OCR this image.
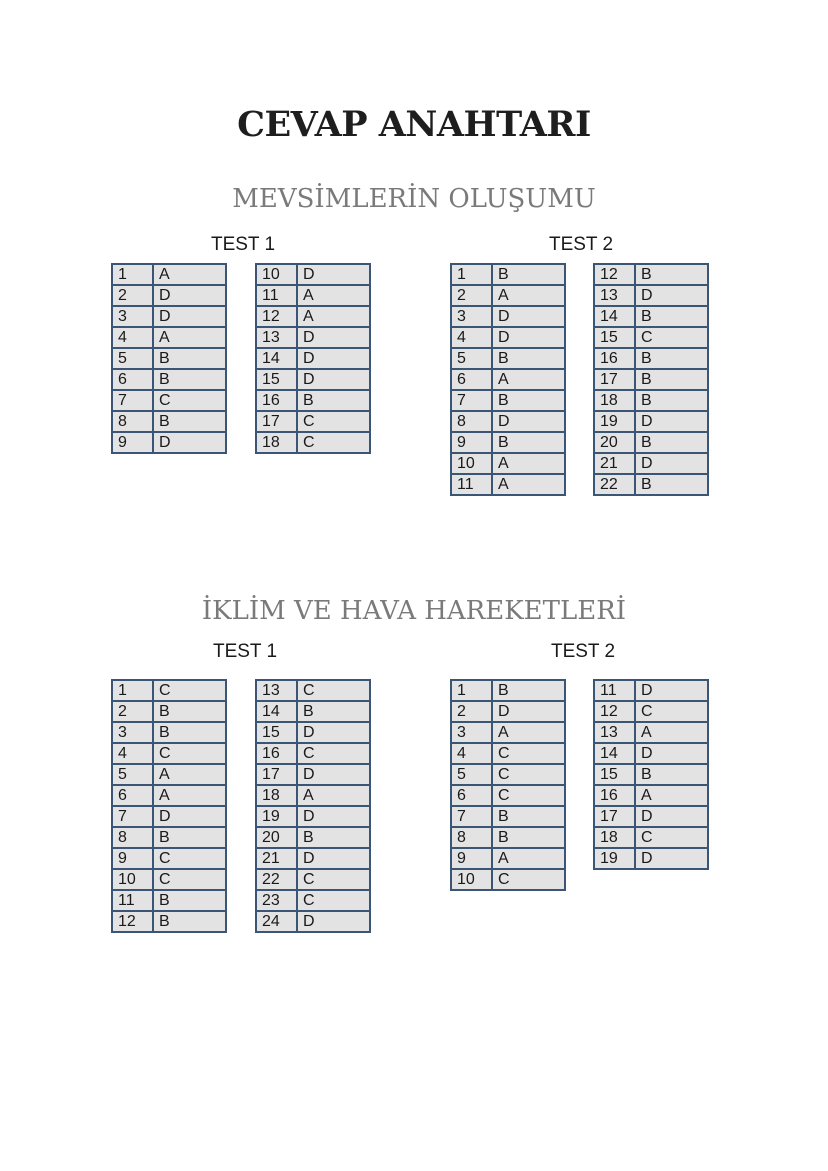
CEVAP ANAHTARI
MEVSİMLERİN OLUŞUMU
TEST 1	TEST 2
1	A
2	D
3	D
4	A
5	B
6	B
7	C
8	B
9	D
10	D
11	A
12	A
13	D
14	D
15	D
16	B
17	C
18	C
1	B
2	A
3	D
4	D
5	B
6	A
7	B
8	D
9	B
10	A
11	A
12	B
13	D
14	B
15	C
16	B
17	B
18	B
19	D
20	B
21	D
22	B
İKLİM VE HAVA HAREKETLERİ
TEST 1	TEST 2
1	C
2	B
3	B
4	C
5	A
6	A
7	D
8	B
9	C
10	C
11	B
12	B
13	C
14	B
15	D
16	C
17	D
18	A
19	D
20	B
21	D
22	C
23	C
24	D
1	B
2	D
3	A
4	C
5	C
6	C
7	B
8	B
9	A
10	C
11	D
12	C
13	A
14	D
15	B
16	A
17	D
18	C
19	D
